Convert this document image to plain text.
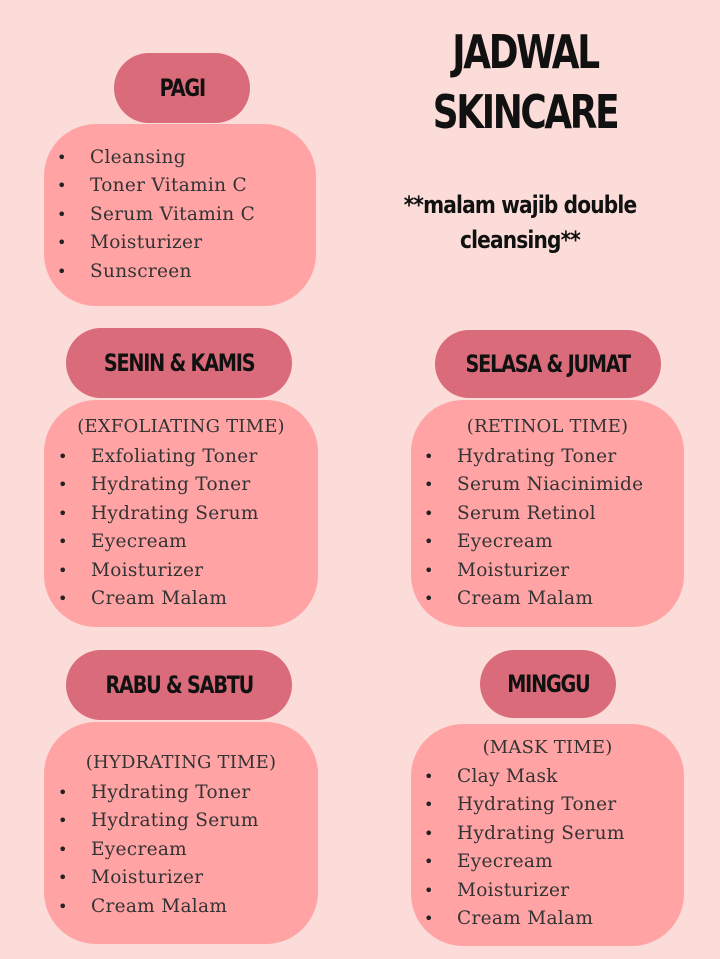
JADWAL
SKINCARE

**malam wajib double
cleansing**

• Cleansing
• Toner Vitamin C
• Serum Vitamin C
• Moisturizer
• Sunscreen
PAGI

(EXFOLIATING TIME)

• Exfoliating Toner
• Hydrating Toner
• Hydrating Serum
• Eyecream
• Moisturizer
• Cream Malam
SENIN & KAMIS

(RETINOL TIME)

• Hydrating Toner
• Serum Niacinimide
• Serum Retinol
• Eyecream
• Moisturizer
• Cream Malam
SELASA & JUMAT

(HYDRATING TIME)

• Hydrating Toner
• Hydrating Serum
• Eyecream
• Moisturizer
• Cream Malam
RABU & SABTU

(MASK TIME)

• Clay Mask
• Hydrating Toner
• Hydrating Serum
• Eyecream
• Moisturizer
• Cream Malam
MINGGU
